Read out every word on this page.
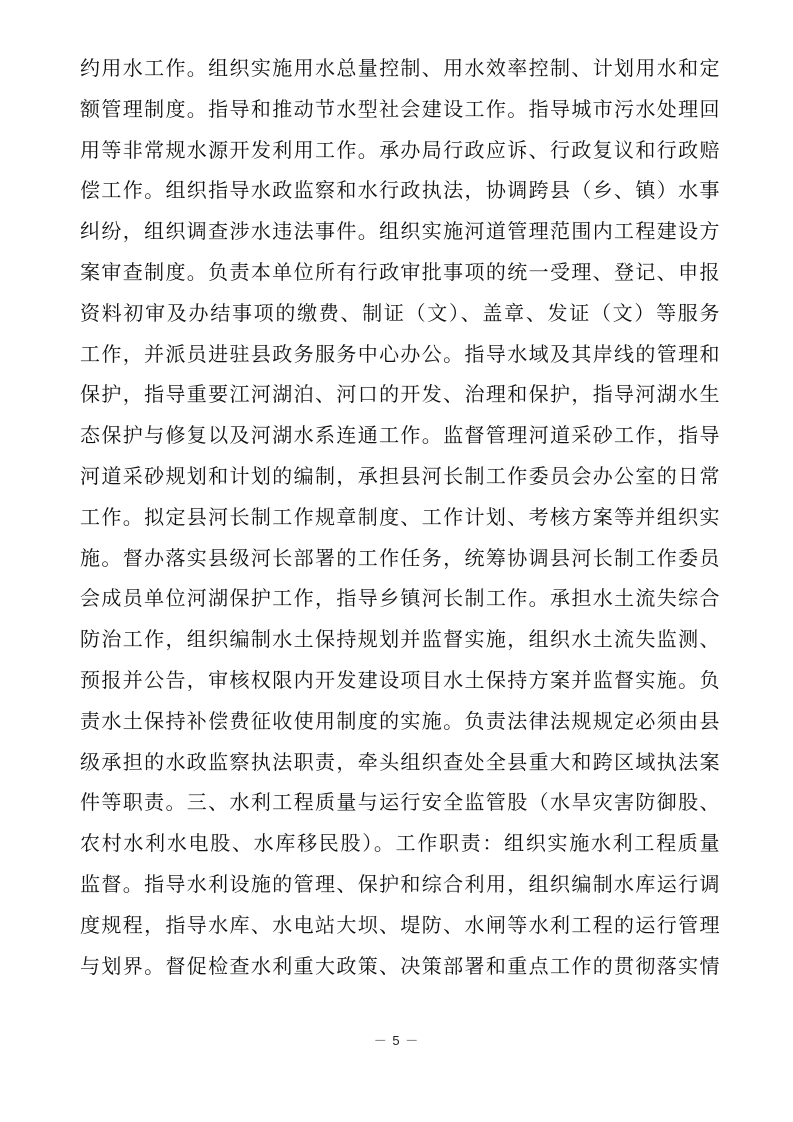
约用水工作。组织实施用水总量控制、用水效率控制、计划用水和定
额管理制度。指导和推动节水型社会建设工作。指导城市污水处理回
用等非常规水源开发利用工作。承办局行政应诉、行政复议和行政赔
偿工作。组织指导水政监察和水行政执法，协调跨县（乡、镇）水事
纠纷，组织调查涉水违法事件。组织实施河道管理范围内工程建设方
案审查制度。负责本单位所有行政审批事项的统一受理、登记、申报
资料初审及办结事项的缴费、制证（文）、盖章、发证（文）等服务
工作，并派员进驻县政务服务中心办公。指导水域及其岸线的管理和
保护，指导重要江河湖泊、河口的开发、治理和保护，指导河湖水生
态保护与修复以及河湖水系连通工作。监督管理河道采砂工作，指导
河道采砂规划和计划的编制，承担县河长制工作委员会办公室的日常
工作。拟定县河长制工作规章制度、工作计划、考核方案等并组织实
施。督办落实县级河长部署的工作任务，统筹协调县河长制工作委员
会成员单位河湖保护工作，指导乡镇河长制工作。承担水土流失综合
防治工作，组织编制水土保持规划并监督实施，组织水土流失监测、
预报并公告，审核权限内开发建设项目水土保持方案并监督实施。负
责水土保持补偿费征收使用制度的实施。负责法律法规规定必须由县
级承担的水政监察执法职责，牵头组织查处全县重大和跨区域执法案
件等职责。三、水利工程质量与运行安全监管股（水旱灾害防御股、
农村水利水电股、水库移民股）。工作职责：组织实施水利工程质量
监督。指导水利设施的管理、保护和综合利用，组织编制水库运行调
度规程，指导水库、水电站大坝、堤防、水闸等水利工程的运行管理
与划界。督促检查水利重大政策、决策部署和重点工作的贯彻落实情
－ 5 －
